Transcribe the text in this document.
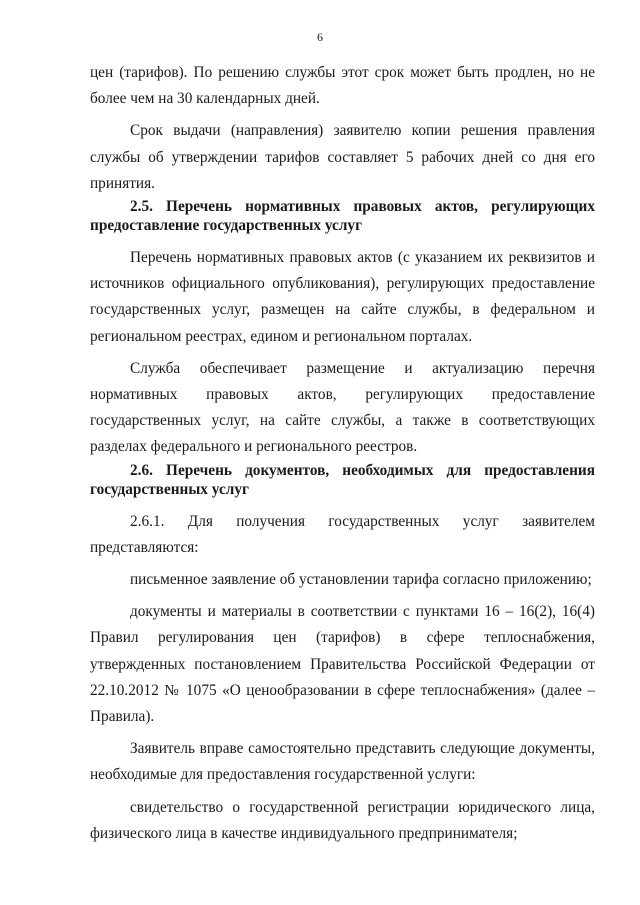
6

цен (тарифов). По решению службы этот срок может быть продлен, но не более чем на 30 календарных дней.

Срок выдачи (направления) заявителю копии решения правления службы об утверждении тарифов составляет 5 рабочих дней со дня его принятия.

2.5. Перечень нормативных правовых актов, регулирующих предоставление государственных услуг

Перечень нормативных правовых актов (с указанием их реквизитов и источников официального опубликования), регулирующих предоставление государственных услуг, размещен на сайте службы, в федеральном и региональном реестрах, едином и региональном порталах.

Служба обеспечивает размещение и актуализацию перечня нормативных правовых актов, регулирующих предоставление государственных услуг, на сайте службы, а также в соответствующих разделах федерального и регионального реестров.

2.6. Перечень документов, необходимых для предоставления государственных услуг

2.6.1. Для получения государственных услуг заявителем представляются:

письменное заявление об установлении тарифа согласно приложению;

документы и материалы в соответствии с пунктами 16 – 16(2), 16(4) Правил регулирования цен (тарифов) в сфере теплоснабжения, утвержденных постановлением Правительства Российской Федерации от 22.10.2012 № 1075 «О ценообразовании в сфере теплоснабжения» (далее – Правила).

Заявитель вправе самостоятельно представить следующие документы, необходимые для предоставления государственной услуги:

свидетельство о государственной регистрации юридического лица, физического лица в качестве индивидуального предпринимателя;
